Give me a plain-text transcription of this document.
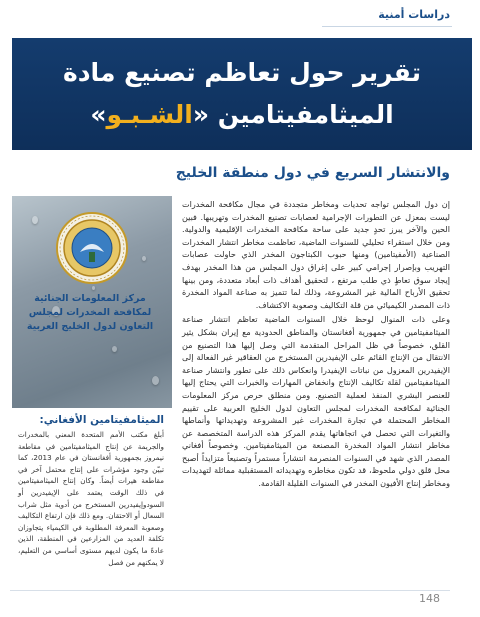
دراسات أمنية
تقرير حول تعاظم تصنيع مادة
الميثامفيتامين «الشـبـو»
والانتشار السريع في دول منطقة الخليج
مركز المعلومات الجنائية
لمكافحة المخدرات لمجلس
التعاون لدول الخليج العربية
الميثامفيتامين الأفغاني:
أبلغ مكتب الأمم المتحدة المعني بالمخدرات والجريمة عن إنتاج الميثامفيتامين في مقاطعة نيمروز بجمهورية أفغانستان في عام 2013، كما تبيّن وجود مؤشرات على إنتاج محتمل آخر في مقاطعة هيرات أيضاً. وكان إنتاج الميثامفيتامين في ذلك الوقت يعتمد على الإيفيدرين أو السودوإيفيدرين المستخرج من أدوية مثل شراب السعال أو الاحتقان. ومع ذلك فإن ارتفاع التكاليف وصعوبة المعرفة المطلوبة في الكيمياء يتجاوزان تكلفة العديد من المزارعين في المنطقة، الذين عادةً ما يكون لديهم مستوى أساسي من التعليم، لا يمكنهم من فصل

إن دول المجلس تواجه تحديات ومخاطر متجددة في مجال مكافحة المخدرات ليست بمعزل عن التطورات الإجرامية لعصابات تصنيع المخدرات وتهريبها. فبين الحين والآخر يبرز تحدٍ جديد على ساحة مكافحة المخدرات الإقليمية والدولية. ومن خلال استقراء تحليلي للسنوات الماضية، تعاظمت مخاطر انتشار المخدرات الصناعية (الأمفيتامين) ومنها حبوب الكبتاجون المخدر الذي حاولت عصابات التهريب وبإصرار إجرامي كبير على إغراق دول المجلس من هذا المخدر بهدف إيجاد سوق تعاطٍ ذي طلب مرتفع ، لتحقيق أهداف ذات أبعاد متعددة، ومن بينها تحقيق الأرباح المالية غير المشروعة، وذلك لما تتميز به صناعة المواد المخدرة ذات المصدر الكيميائي من قلة التكاليف وصعوبة الاكتشاف.

وعلى ذات المنوال لوحظ خلال السنوات الماضية تعاظم انتشار صناعة الميثامفيتامين في جمهورية أفغانستان والمناطق الحدودية مع إيران بشكل يثير القلق، خصوصاً في ظل المراحل المتقدمة التي وصل إليها هذا التصنيع من الانتقال من الإنتاج القائم على الإيفيدرين المستخرج من العقاقير غير الفعالة إلى الإيفيدرين المعزول من نباتات الإيفيدرا وانعكاس ذلك على تطور وانتشار صناعة الميثامفيتامين لقلة تكاليف الإنتاج وانخفاض المهارات والخبرات التي يحتاج إليها للعنصر البشري المنفذ لعملية التصنيع. ومن منطلق حرص مركز المعلومات الجنائية لمكافحة المخدرات لمجلس التعاون لدول الخليج العربية على تقييم المخاطر المحتملة في تجارة المخدرات غير المشروعة وتهديداتها وأنماطها والتغيرات التي تحصل في اتجاهاتها يقدم المركز هذه الدراسة المتخصصة عن مخاطر انتشار المواد المخدرة المصنعة من الميثامفيتامين. وخصوصاً أفغاني المصدر الذي شهد في السنوات المنصرمة انتشاراً مستمراً وتصنيعاً متزايداً أصبح محل قلق دولي ملحوظ، قد تكون مخاطره وتهديداته المستقبلية مماثلة لتهديدات ومخاطر إنتاج الأفيون المخدر في السنوات القليلة القادمة.

148
